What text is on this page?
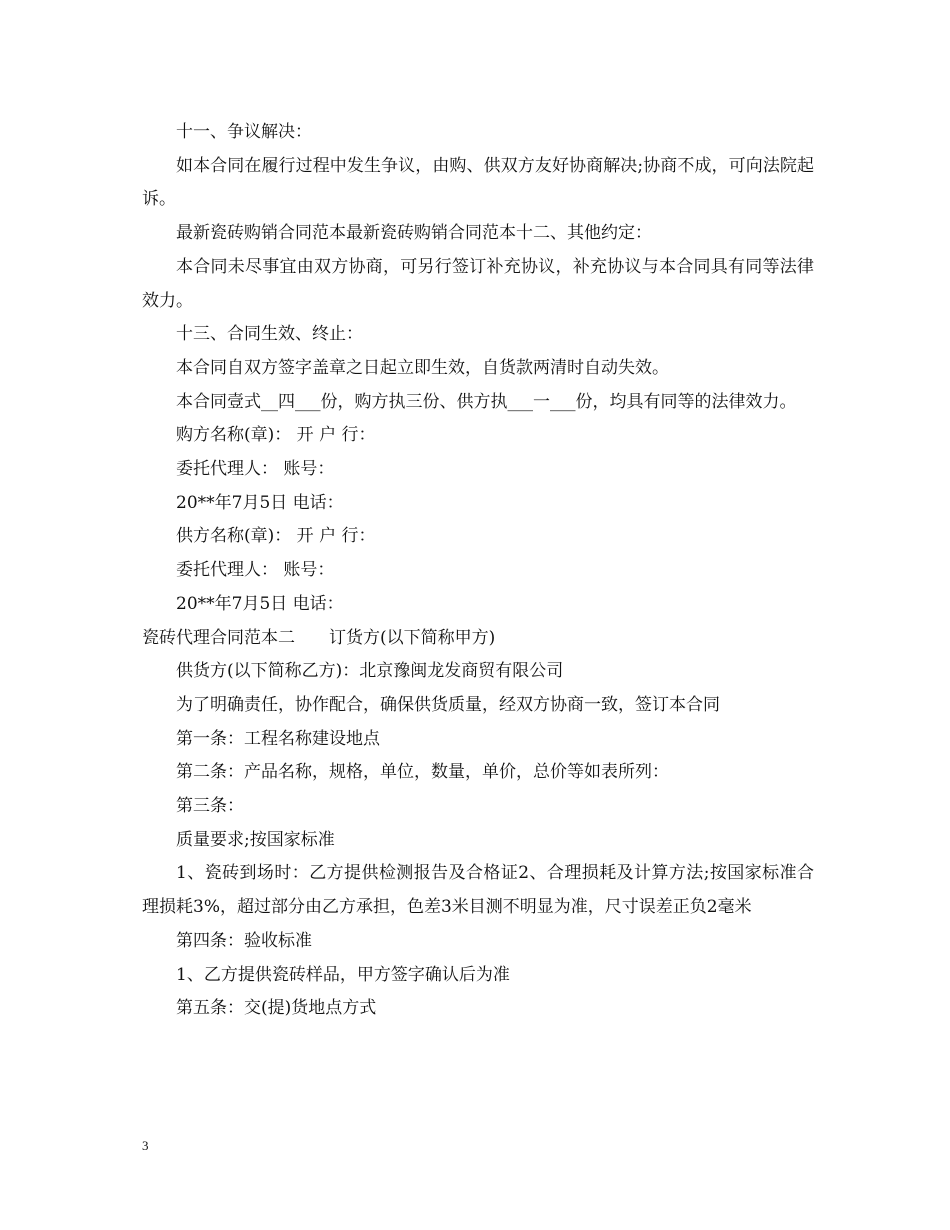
十一、争议解决：

如本合同在履行过程中发生争议，由购、供双方友好协商解决;协商不成，可向法院起诉。

最新瓷砖购销合同范本最新瓷砖购销合同范本十二、其他约定：

本合同未尽事宜由双方协商，可另行签订补充协议，补充协议与本合同具有同等法律效力。

十三、合同生效、终止：

本合同自双方签字盖章之日起立即生效，自货款两清时自动失效。

本合同壹式__四___份，购方执三份、供方执___一___份，均具有同等的法律效力。

购方名称(章)： 开 户 行：

委托代理人： 账号：

20**年7月5日 电话：

供方名称(章)： 开 户 行：

委托代理人： 账号：

20**年7月5日 电话：

瓷砖代理合同范本二 订货方(以下简称甲方)

供货方(以下简称乙方)：北京豫闽龙发商贸有限公司

为了明确责任，协作配合，确保供货质量，经双方协商一致，签订本合同

第一条：工程名称建设地点

第二条：产品名称，规格，单位，数量，单价，总价等如表所列：

第三条：

质量要求;按国家标准

1、瓷砖到场时：乙方提供检测报告及合格证2、合理损耗及计算方法;按国家标准合理损耗3%，超过部分由乙方承担，色差3米目测不明显为准，尺寸误差正负2毫米

第四条：验收标准

1、乙方提供瓷砖样品，甲方签字确认后为准

第五条：交(提)货地点方式

3
